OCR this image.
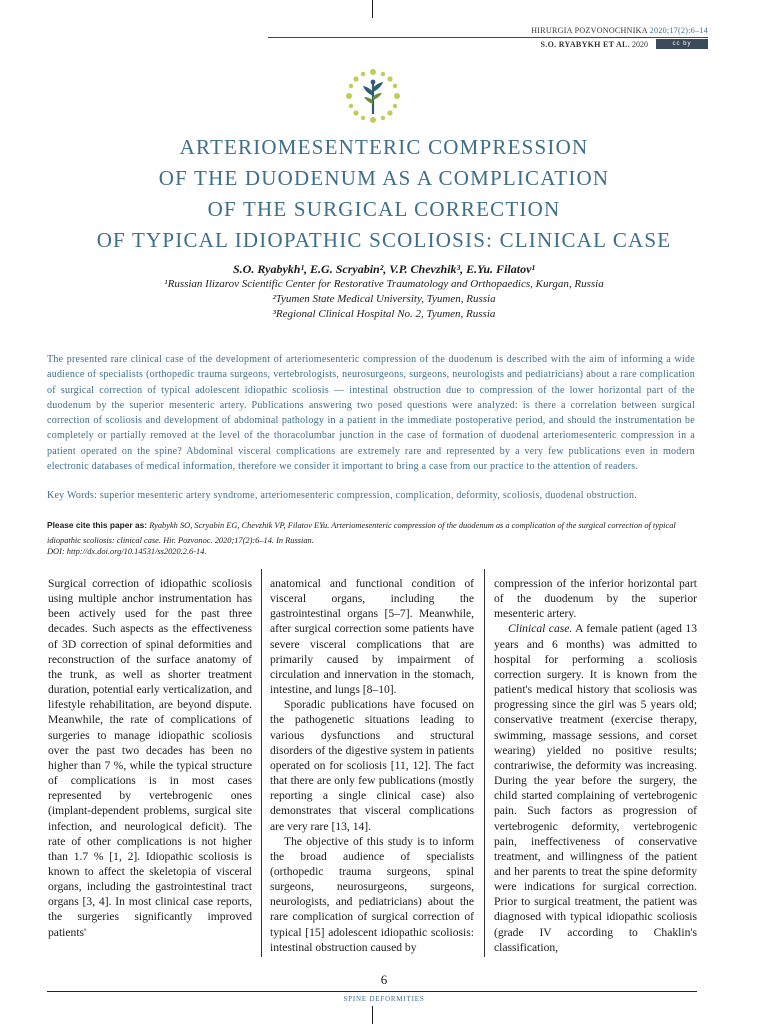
HIRURGIA POZVONOCHNIKA 2020;17(2):6–14
S.O. RYABYKH ET AL. 2020	cc by
ARTERIOMESENTERIC COMPRESSION
OF THE DUODENUM AS A COMPLICATION
OF THE SURGICAL CORRECTION
OF TYPICAL IDIOPATHIC SCOLIOSIS: CLINICAL CASE
S.O. Ryabykh¹, E.G. Scryabin², V.P. Chevzhik³, E.Yu. Filatov¹
¹Russian Ilizarov Scientific Center for Restorative Traumatology and Orthopaedics, Kurgan, Russia
²Tyumen State Medical University, Tyumen, Russia
³Regional Clinical Hospital No. 2, Tyumen, Russia

The presented rare clinical case of the development of arteriomesenteric compression of the duodenum is described with the aim of informing a wide audience of specialists (orthopedic trauma surgeons, vertebrologists, neurosurgeons, surgeons, neurologists and pediatricians) about a rare complication of surgical correction of typical adolescent idiopathic scoliosis — intestinal obstruction due to compression of the lower horizontal part of the duodenum by the superior mesenteric artery. Publications answering two posed questions were analyzed: is there a correlation between surgical correction of scoliosis and development of abdominal pathology in a patient in the immediate postoperative period, and should the instrumentation be completely or partially removed at the level of the thoracolumbar junction in the case of formation of duodenal arteriomesenteric compression in a patient operated on the spine? Abdominal visceral complications are extremely rare and represented by a very few publications even in modern electronic databases of medical information, therefore we consider it important to bring a case from our practice to the attention of readers.

Key Words: superior mesenteric artery syndrome, arteriomesenteric compression, complication, deformity, scoliosis, duodenal obstruction.

Please cite this paper as: Ryabykh SO, Scryabin EG, Chevzhik VP, Filatov EYu. Arteriomesenteric compression of the duodenum as a complication of the surgical correction of typical idiopathic scoliosis: clinical case. Hir. Pozvonoc. 2020;17(2):6–14. In Russian.

DOI: http://dx.doi.org/10.14531/ss2020.2.6-14.

Surgical correction of idiopathic scoliosis using multiple anchor instrumentation has been actively used for the past three decades. Such aspects as the effectiveness of 3D correction of spinal deformities and reconstruction of the surface anatomy of the trunk, as well as shorter treatment duration, potential early verticalization, and lifestyle rehabilitation, are beyond dispute. Meanwhile, the rate of complications of surgeries to manage idiopathic scoliosis over the past two decades has been no higher than 7 %, while the typical structure of complications is in most cases represented by vertebrogenic ones (implant-dependent problems, surgical site infection, and neurological deficit). The rate of other complications is not higher than 1.7 % [1, 2]. Idiopathic scoliosis is known to affect the skeletopia of visceral organs, including the gastrointestinal tract organs [3, 4]. In most clinical case reports, the surgeries significantly improved patients'

anatomical and functional condition of visceral organs, including the gastrointestinal organs [5–7]. Meanwhile, after surgical correction some patients have severe visceral complications that are primarily caused by impairment of circulation and innervation in the stomach, intestine, and lungs [8–10].

Sporadic publications have focused on the pathogenetic situations leading to various dysfunctions and structural disorders of the digestive system in patients operated on for scoliosis [11, 12]. The fact that there are only few publications (mostly reporting a single clinical case) also demonstrates that visceral complications are very rare [13, 14].

The objective of this study is to inform the broad audience of specialists (orthopedic trauma surgeons, spinal surgeons, neurosurgeons, surgeons, neurologists, and pediatricians) about the rare complication of surgical correction of typical [15] adolescent idiopathic scoliosis: intestinal obstruction caused by

compression of the inferior horizontal part of the duodenum by the superior mesenteric artery.

Clinical case. A female patient (aged 13 years and 6 months) was admitted to hospital for performing a scoliosis correction surgery. It is known from the patient's medical history that scoliosis was progressing since the girl was 5 years old; conservative treatment (exercise therapy, swimming, massage sessions, and corset wearing) yielded no positive results; contrariwise, the deformity was increasing. During the year before the surgery, the child started complaining of vertebrogenic pain. Such factors as progression of vertebrogenic deformity, vertebrogenic pain, ineffectiveness of conservative treatment, and willingness of the patient and her parents to treat the spine deformity were indications for surgical correction. Prior to surgical treatment, the patient was diagnosed with typical idiopathic scoliosis (grade IV according to Chaklin's classification,

6
SPINE DEFORMITIES
